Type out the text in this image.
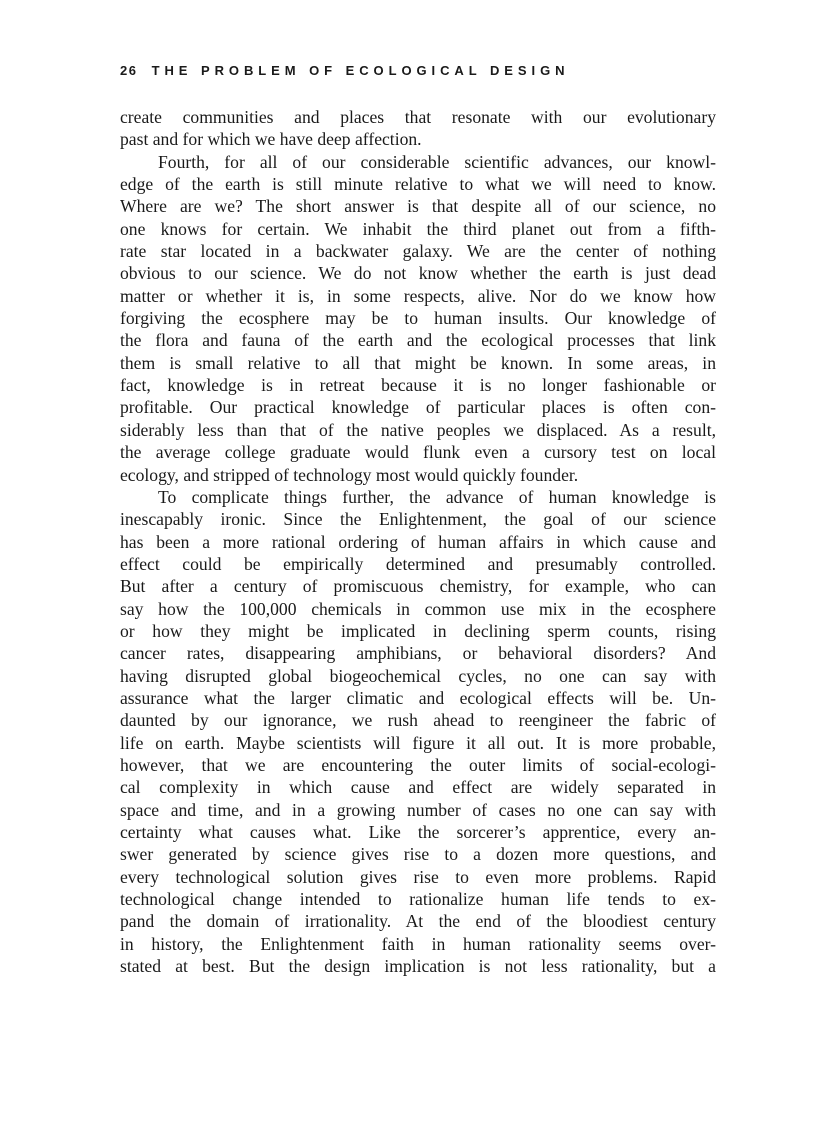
26 THE PROBLEM OF ECOLOGICAL DESIGN
create communities and places that resonate with our evolutionary
past and for which we have deep affection.
Fourth, for all of our considerable scientific advances, our knowl-
edge of the earth is still minute relative to what we will need to know.
Where are we? The short answer is that despite all of our science, no
one knows for certain. We inhabit the third planet out from a fifth-
rate star located in a backwater galaxy. We are the center of nothing
obvious to our science. We do not know whether the earth is just dead
matter or whether it is, in some respects, alive. Nor do we know how
forgiving the ecosphere may be to human insults. Our knowledge of
the flora and fauna of the earth and the ecological processes that link
them is small relative to all that might be known. In some areas, in
fact, knowledge is in retreat because it is no longer fashionable or
profitable. Our practical knowledge of particular places is often con-
siderably less than that of the native peoples we displaced. As a result,
the average college graduate would flunk even a cursory test on local
ecology, and stripped of technology most would quickly founder.
To complicate things further, the advance of human knowledge is
inescapably ironic. Since the Enlightenment, the goal of our science
has been a more rational ordering of human affairs in which cause and
effect could be empirically determined and presumably controlled.
But after a century of promiscuous chemistry, for example, who can
say how the 100,000 chemicals in common use mix in the ecosphere
or how they might be implicated in declining sperm counts, rising
cancer rates, disappearing amphibians, or behavioral disorders? And
having disrupted global biogeochemical cycles, no one can say with
assurance what the larger climatic and ecological effects will be. Un-
daunted by our ignorance, we rush ahead to reengineer the fabric of
life on earth. Maybe scientists will figure it all out. It is more probable,
however, that we are encountering the outer limits of social-ecologi-
cal complexity in which cause and effect are widely separated in
space and time, and in a growing number of cases no one can say with
certainty what causes what. Like the sorcerer’s apprentice, every an-
swer generated by science gives rise to a dozen more questions, and
every technological solution gives rise to even more problems. Rapid
technological change intended to rationalize human life tends to ex-
pand the domain of irrationality. At the end of the bloodiest century
in history, the Enlightenment faith in human rationality seems over-
stated at best. But the design implication is not less rationality, but a
